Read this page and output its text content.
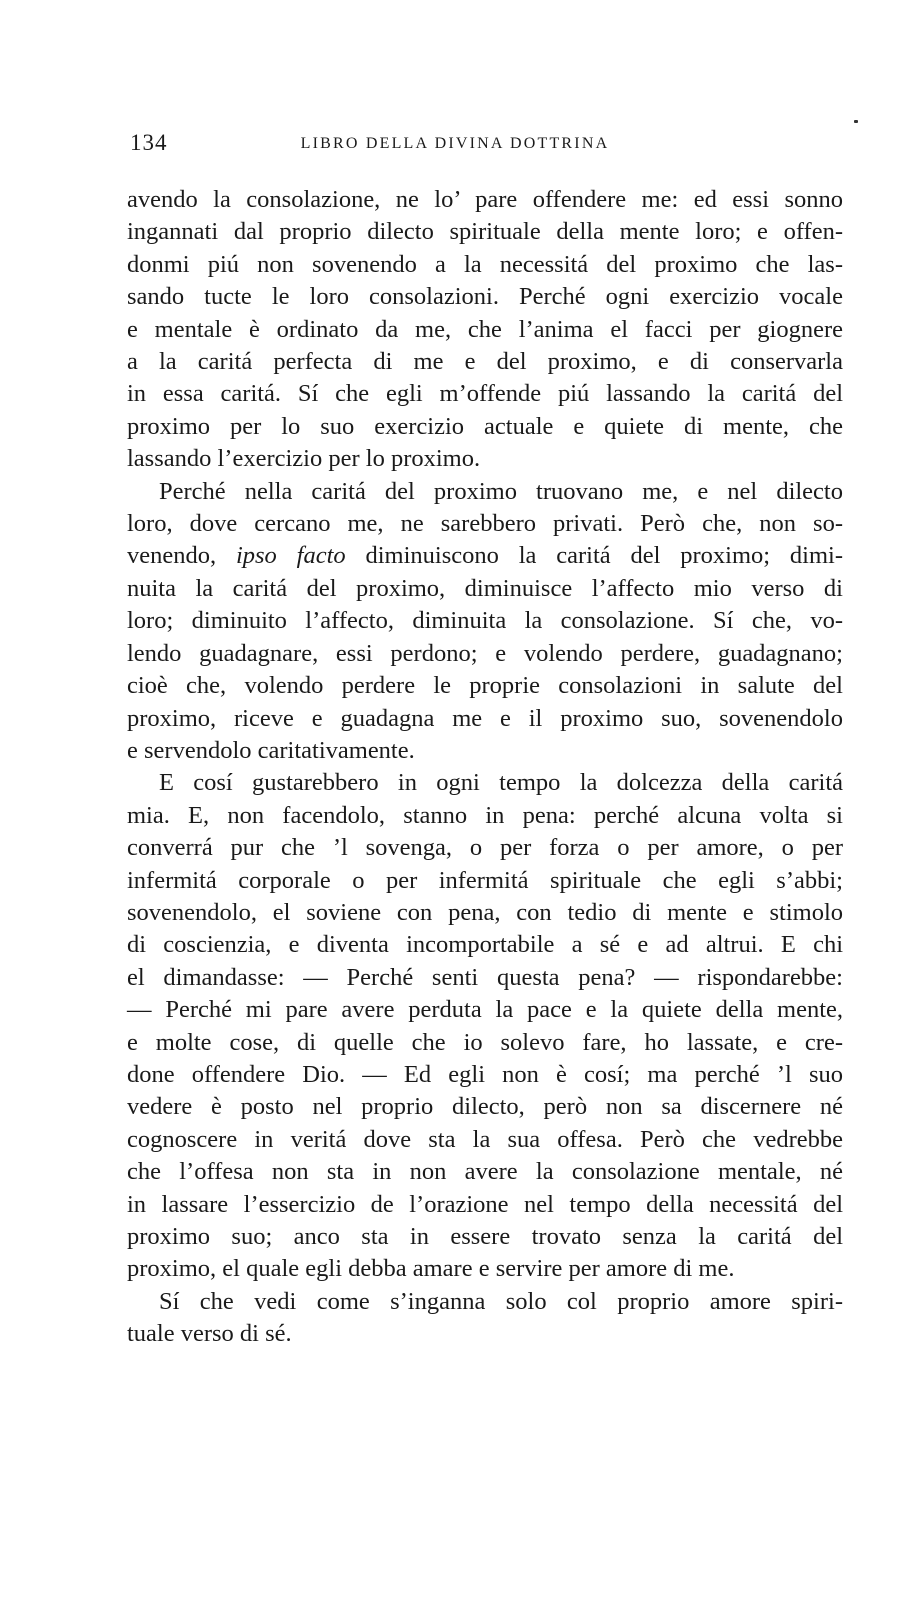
134	LIBRO DELLA DIVINA DOTTRINA

avendo la consolazione, ne lo’ pare offendere me: ed essi sonno
ingannati dal proprio dilecto spirituale della mente loro; e offen-
donmi piú non sovenendo a la necessitá del proximo che las-
sando tucte le loro consolazioni. Perché ogni exercizio vocale
e mentale è ordinato da me, che l’anima el facci per giognere
a la caritá perfecta di me e del proximo, e di conservarla
in essa caritá. Sí che egli m’offende piú lassando la caritá del
proximo per lo suo exercizio actuale e quiete di mente, che
lassando l’exercizio per lo proximo.

Perché nella caritá del proximo truovano me, e nel dilecto
loro, dove cercano me, ne sarebbero privati. Però che, non so-
venendo, ipso facto diminuiscono la caritá del proximo; dimi-
nuita la caritá del proximo, diminuisce l’affecto mio verso di
loro; diminuito l’affecto, diminuita la consolazione. Sí che, vo-
lendo guadagnare, essi perdono; e volendo perdere, guadagnano;
cioè che, volendo perdere le proprie consolazioni in salute del
proximo, riceve e guadagna me e il proximo suo, sovenendolo
e servendolo caritativamente.

E cosí gustarebbero in ogni tempo la dolcezza della caritá
mia. E, non facendolo, stanno in pena: perché alcuna volta si
converrá pur che ’l sovenga, o per forza o per amore, o per
infermitá corporale o per infermitá spirituale che egli s’abbi;
sovenendolo, el soviene con pena, con tedio di mente e stimolo
di coscienzia, e diventa incomportabile a sé e ad altrui. E chi
el dimandasse: — Perché senti questa pena? — rispondarebbe:
— Perché mi pare avere perduta la pace e la quiete della mente,
e molte cose, di quelle che io solevo fare, ho lassate, e cre-
done offendere Dio. — Ed egli non è cosí; ma perché ’l suo
vedere è posto nel proprio dilecto, però non sa discernere né
cognoscere in veritá dove sta la sua offesa. Però che vedrebbe
che l’offesa non sta in non avere la consolazione mentale, né
in lassare l’essercizio de l’orazione nel tempo della necessitá del
proximo suo; anco sta in essere trovato senza la caritá del
proximo, el quale egli debba amare e servire per amore di me.

Sí che vedi come s’inganna solo col proprio amore spiri-
tuale verso di sé.
